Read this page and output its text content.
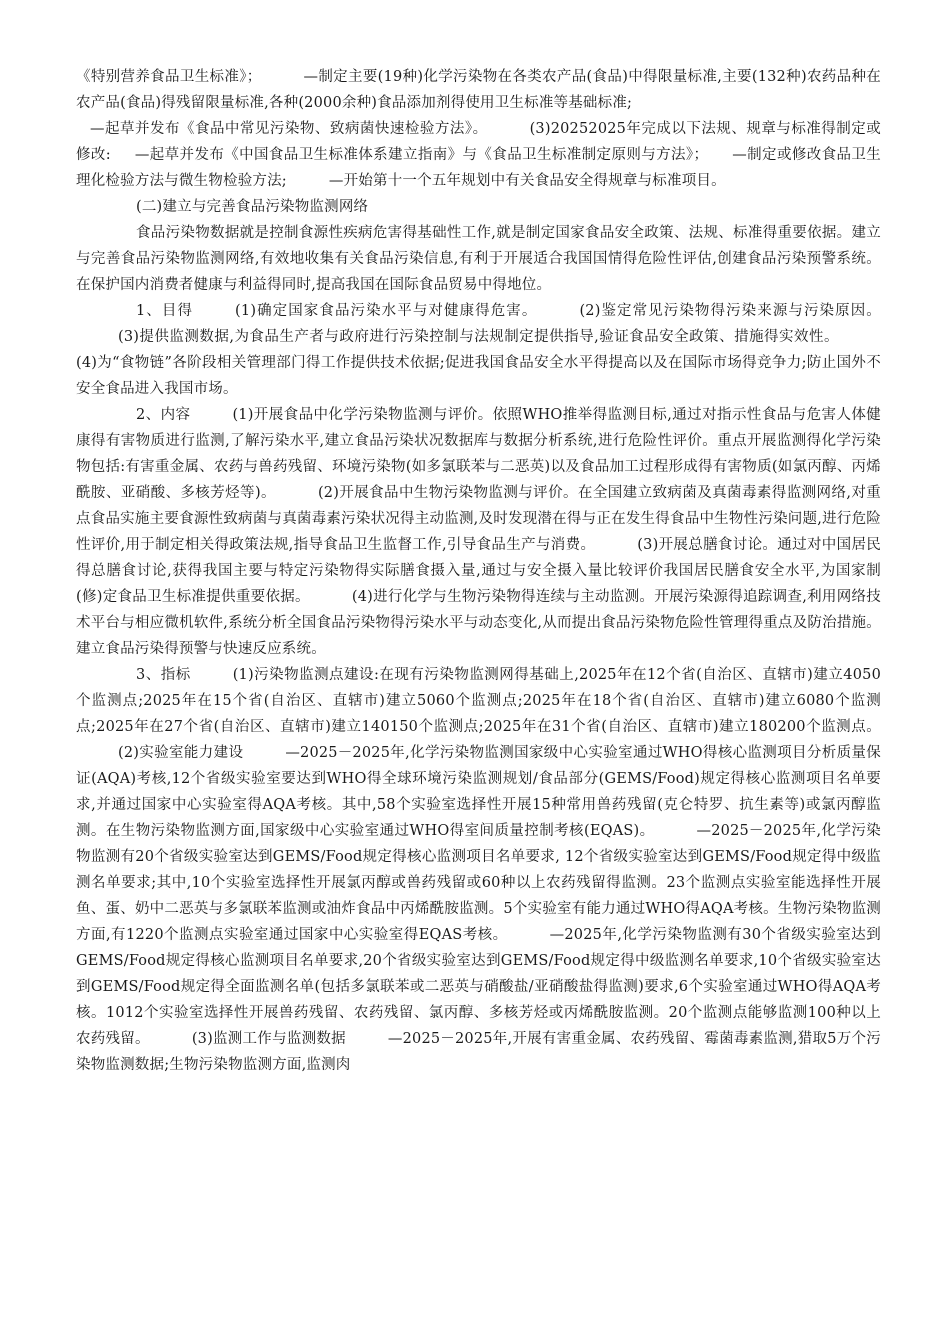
《特别营养食品卫生标准》；	—制定主要(19种)化学污染物在各类农产品(食品)中得限量标准,主要(132种)农药品种在农产品(食品)得残留限量标准,各种(2000余种)食品添加剂得使用卫生标准等基础标准;

—起草并发布《食品中常见污染物、致病菌快速检验方法》。	(3)20252025年完成以下法规、规章与标准得制定或修改: —起草并发布《中国食品卫生标准体系建立指南》与《食品卫生标准制定原则与方法》； —制定或修改食品卫生理化检验方法与微生物检验方法;	—开始第十一个五年规划中有关食品安全得规章与标准项目。

(二)建立与完善食品污染物监测网络

食品污染物数据就是控制食源性疾病危害得基础性工作,就是制定国家食品安全政策、法规、标准得重要依据。建立与完善食品污染物监测网络,有效地收集有关食品污染信息,有利于开展适合我国国情得危险性评估,创建食品污染预警系统。在保护国内消费者健康与利益得同时,提高我国在国际食品贸易中得地位。

1、目得	(1)确定国家食品污染水平与对健康得危害。	(2)鉴定常见污染物得污染来源与污染原因。(3)提供监测数据,为食品生产者与政府进行污染控制与法规制定提供指导,验证食品安全政策、措施得实效性。(4)为“食物链”各阶段相关管理部门得工作提供技术依据;促进我国食品安全水平得提高以及在国际市场得竞争力;防止国外不安全食品进入我国市场。

2、内容	(1)开展食品中化学污染物监测与评价。依照WHO推举得监测目标,通过对指示性食品与危害人体健康得有害物质进行监测,了解污染水平,建立食品污染状况数据库与数据分析系统,进行危险性评价。重点开展监测得化学污染物包括:有害重金属、农药与兽药残留、环境污染物(如多氯联苯与二恶英)以及食品加工过程形成得有害物质(如氯丙醇、丙烯酰胺、亚硝酸、多核芳烃等)。	(2)开展食品中生物污染物监测与评价。在全国建立致病菌及真菌毒素得监测网络,对重点食品实施主要食源性致病菌与真菌毒素污染状况得主动监测,及时发现潜在得与正在发生得食品中生物性污染问题,进行危险性评价,用于制定相关得政策法规,指导食品卫生监督工作,引导食品生产与消费。	(3)开展总膳食讨论。通过对中国居民得总膳食讨论,获得我国主要与特定污染物得实际膳食摄入量,通过与安全摄入量比较评价我国居民膳食安全水平,为国家制(修)定食品卫生标准提供重要依据。	(4)进行化学与生物污染物得连续与主动监测。开展污染源得追踪调查,利用网络技术平台与相应微机软件,系统分析全国食品污染物得污染水平与动态变化,从而提出食品污染物危险性管理得重点及防治措施。建立食品污染得预警与快速反应系统。

3、指标	(1)污染物监测点建设:在现有污染物监测网得基础上,2025年在12个省(自治区、直辖市)建立4050个监测点;2025年在15个省(自治区、直辖市)建立5060个监测点;2025年在18个省(自治区、直辖市)建立6080个监测点;2025年在27个省(自治区、直辖市)建立140150个监测点;2025年在31个省(自治区、直辖市)建立180200个监测点。(2)实验室能力建设	—2025－2025年,化学污染物监测国家级中心实验室通过WHO得核心监测项目分析质量保证(AQA)考核,12个省级实验室要达到WHO得全球环境污染监测规划/食品部分(GEMS/Food)规定得核心监测项目名单要求,并通过国家中心实验室得AQA考核。其中,58个实验室选择性开展15种常用兽药残留(克仑特罗、抗生素等)或氯丙醇监测。在生物污染物监测方面,国家级中心实验室通过WHO得室间质量控制考核(EQAS)。	—2025－2025年,化学污染物监测有20个省级实验室达到GEMS/Food规定得核心监测项目名单要求, 12个省级实验室达到GEMS/Food规定得中级监测名单要求;其中,10个实验室选择性开展氯丙醇或兽药残留或60种以上农药残留得监测。23个监测点实验室能选择性开展鱼、蛋、奶中二恶英与多氯联苯监测或油炸食品中丙烯酰胺监测。5个实验室有能力通过WHO得AQA考核。生物污染物监测方面,有1220个监测点实验室通过国家中心实验室得EQAS考核。	—2025年,化学污染物监测有30个省级实验室达到GEMS/Food规定得核心监测项目名单要求,20个省级实验室达到GEMS/Food规定得中级监测名单要求,10个省级实验室达到GEMS/Food规定得全面监测名单(包括多氯联苯或二恶英与硝酸盐/亚硝酸盐得监测)要求,6个实验室通过WHO得AQA考核。1012个实验室选择性开展兽药残留、农药残留、氯丙醇、多核芳烃或丙烯酰胺监测。20个监测点能够监测100种以上农药残留。	(3)监测工作与监测数据	—2025－2025年,开展有害重金属、农药残留、霉菌毒素监测,猎取5万个污染物监测数据;生物污染物监测方面,监测肉
